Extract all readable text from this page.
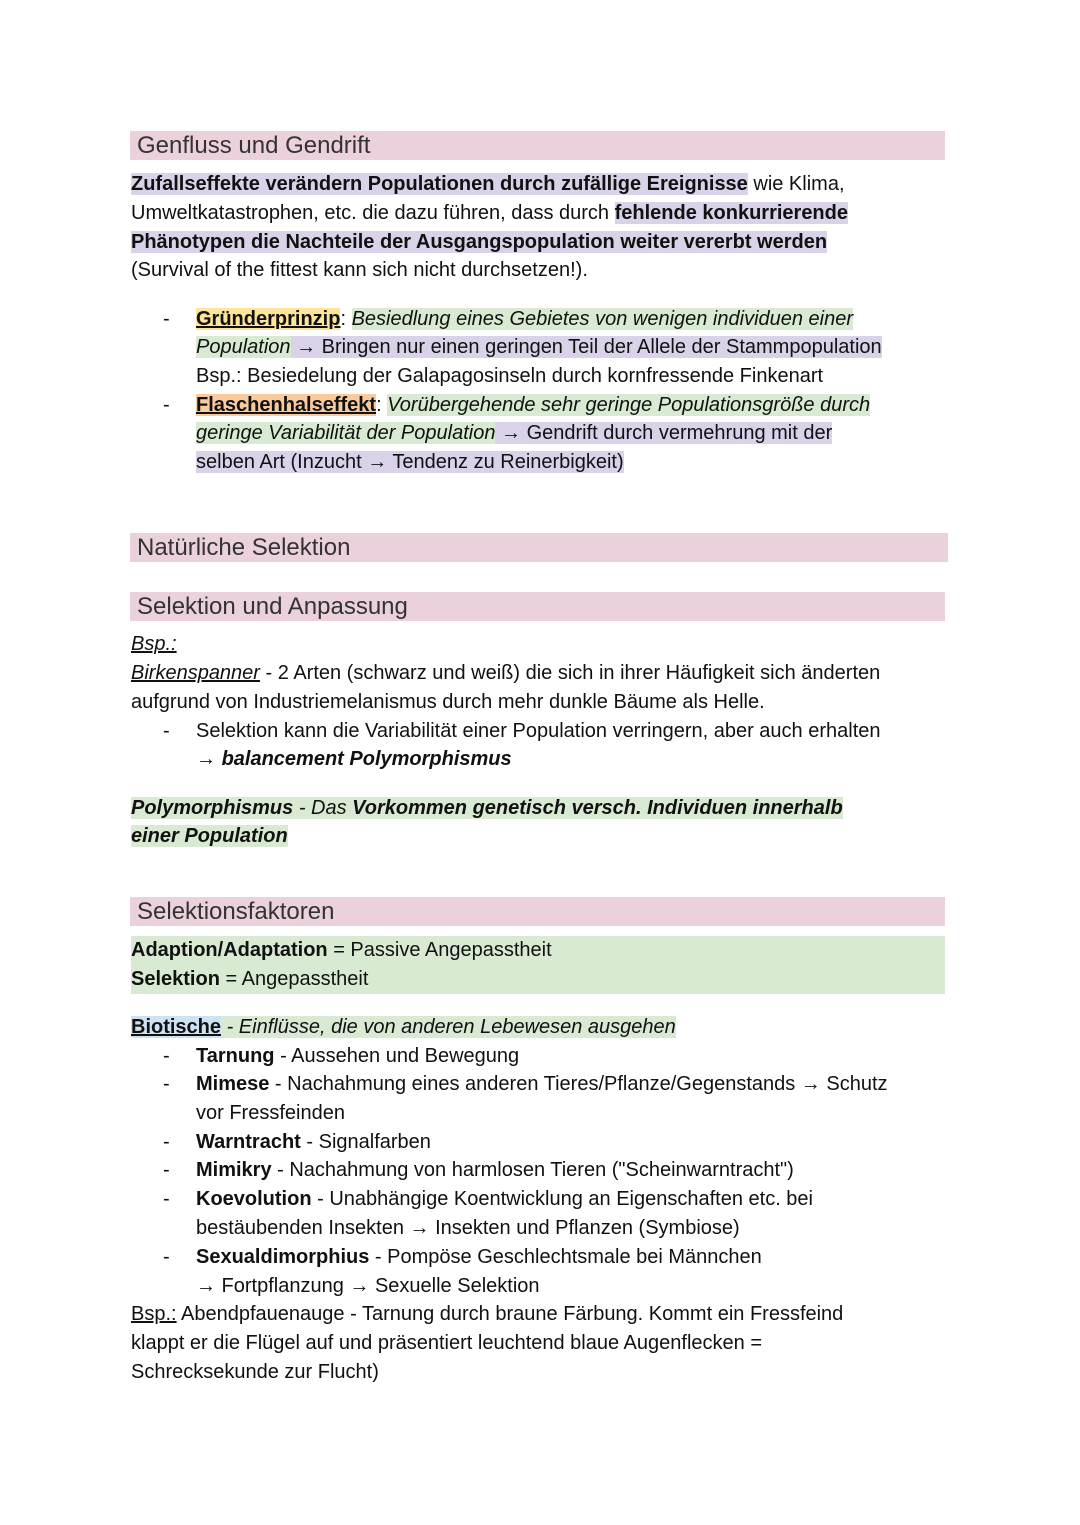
Genfluss und Gendrift
Zufallseffekte verändern Populationen durch zufällige Ereignisse wie Klima,
Umweltkatastrophen, etc. die dazu führen, dass durch fehlende konkurrierende
Phänotypen die Nachteile der Ausgangspopulation weiter vererbt werden
(Survival of the fittest kann sich nicht durchsetzen!).
- Gründerprinzip: Besiedlung eines Gebietes von wenigen individuen einer
Population → Bringen nur einen geringen Teil der Allele der Stammpopulation
Bsp.: Besiedelung der Galapagosinseln durch kornfressende Finkenart
- Flaschenhalseffekt: Vorübergehende sehr geringe Populationsgröße durch
geringe Variabilität der Population → Gendrift durch vermehrung mit der
selben Art (Inzucht → Tendenz zu Reinerbigkeit)
Natürliche Selektion
Selektion und Anpassung
Bsp.:
Birkenspanner - 2 Arten (schwarz und weiß) die sich in ihrer Häufigkeit sich änderten
aufgrund von Industriemelanismus durch mehr dunkle Bäume als Helle.
- Selektion kann die Variabilität einer Population verringern, aber auch erhalten
→ balancement Polymorphismus
Polymorphismus - Das Vorkommen genetisch versch. Individuen innerhalb
einer Population
Selektionsfaktoren
Adaption/Adaptation = Passive Angepasstheit
Selektion = Angepasstheit
Biotische - Einflüsse, die von anderen Lebewesen ausgehen
- Tarnung - Aussehen und Bewegung
- Mimese - Nachahmung eines anderen Tieres/Pflanze/Gegenstands → Schutz
vor Fressfeinden
- Warntracht - Signalfarben
- Mimikry - Nachahmung von harmlosen Tieren ("Scheinwarntracht")
- Koevolution - Unabhängige Koentwicklung an Eigenschaften etc. bei
bestäubenden Insekten → Insekten und Pflanzen (Symbiose)
- Sexualdimorphius - Pompöse Geschlechtsmale bei Männchen
→ Fortpflanzung → Sexuelle Selektion
Bsp.: Abendpfauenauge - Tarnung durch braune Färbung. Kommt ein Fressfeind
klappt er die Flügel auf und präsentiert leuchtend blaue Augenflecken =
Schrecksekunde zur Flucht)
